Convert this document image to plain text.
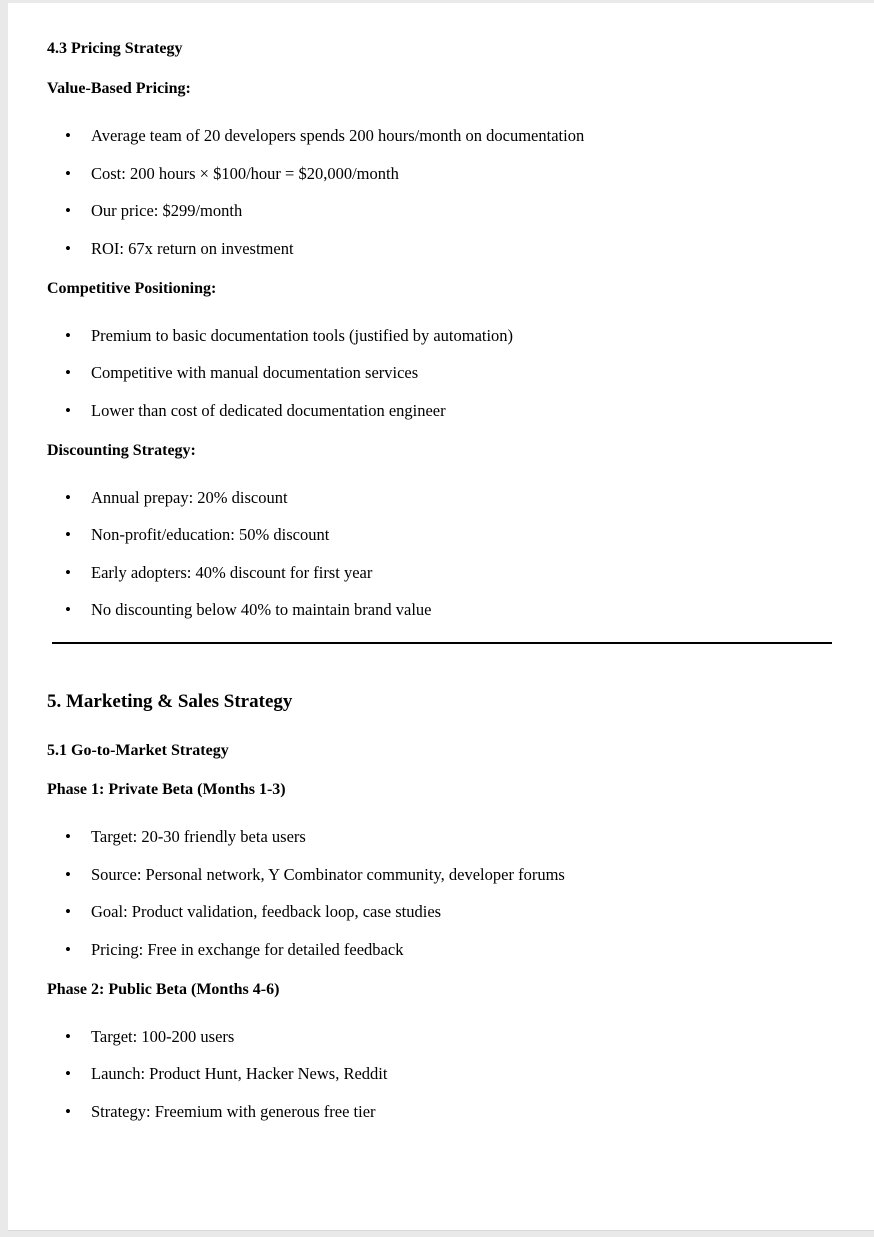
4.3 Pricing Strategy
Value-Based Pricing:
• Average team of 20 developers spends 200 hours/month on documentation
• Cost: 200 hours × $100/hour = $20,000/month
• Our price: $299/month
• ROI: 67x return on investment
Competitive Positioning:
• Premium to basic documentation tools (justified by automation)
• Competitive with manual documentation services
• Lower than cost of dedicated documentation engineer
Discounting Strategy:
• Annual prepay: 20% discount
• Non-profit/education: 50% discount
• Early adopters: 40% discount for first year
• No discounting below 40% to maintain brand value
5. Marketing & Sales Strategy
5.1 Go-to-Market Strategy
Phase 1: Private Beta (Months 1-3)
• Target: 20-30 friendly beta users
• Source: Personal network, Y Combinator community, developer forums
• Goal: Product validation, feedback loop, case studies
• Pricing: Free in exchange for detailed feedback
Phase 2: Public Beta (Months 4-6)
• Target: 100-200 users
• Launch: Product Hunt, Hacker News, Reddit
• Strategy: Freemium with generous free tier
